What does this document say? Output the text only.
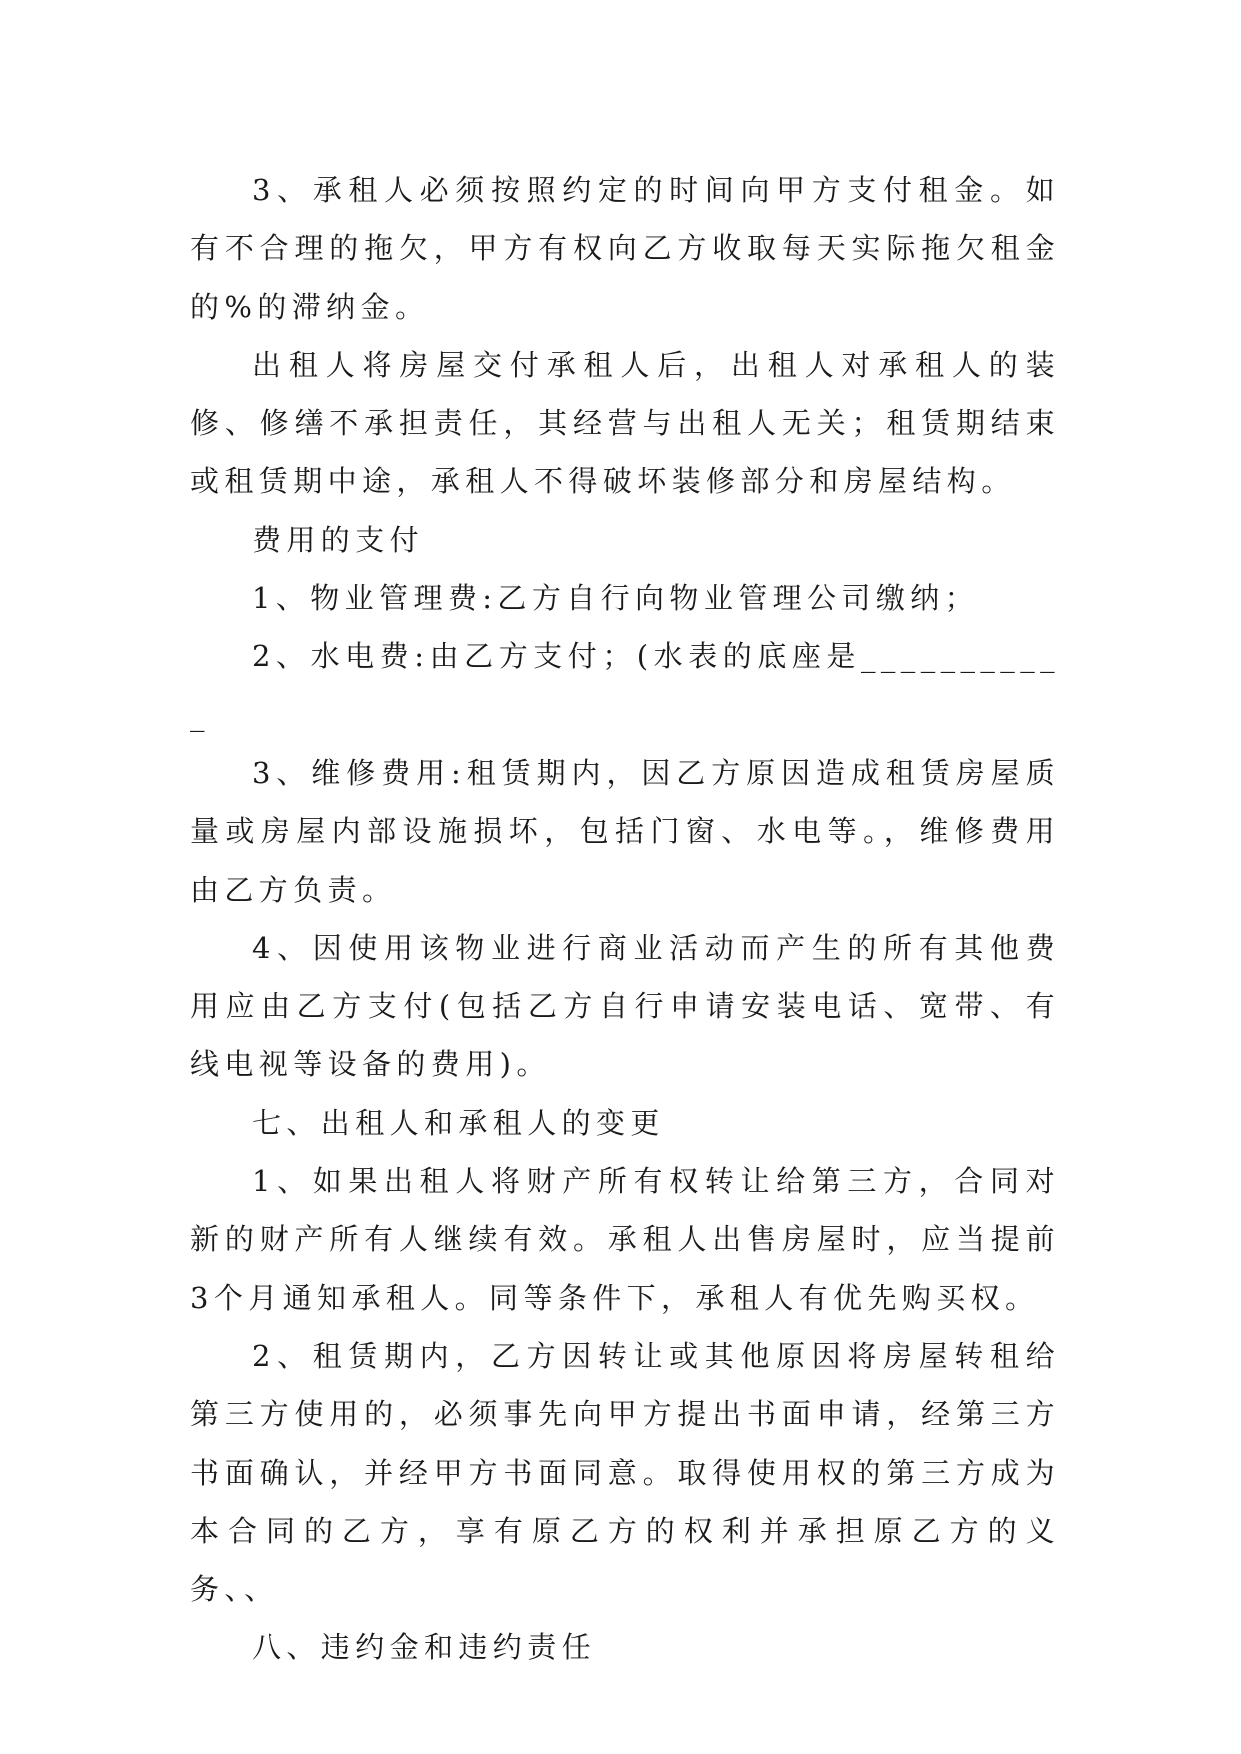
3、承租人必须按照约定的时间向甲方支付租金。如有不合理的拖欠，甲方有权向乙方收取每天实际拖欠租金的%的滞纳金。

出租人将房屋交付承租人后，出租人对承租人的装修、修缮不承担责任，其经营与出租人无关；租赁期结束或租赁期中途，承租人不得破坏装修部分和房屋结构。

费用的支付

1、物业管理费:乙方自行向物业管理公司缴纳；

2、水电费:由乙方支付；(水表的底座是___________

3、维修费用:租赁期内，因乙方原因造成租赁房屋质量或房屋内部设施损坏，包括门窗、水电等。，维修费用由乙方负责。

4、因使用该物业进行商业活动而产生的所有其他费用应由乙方支付(包括乙方自行申请安装电话、宽带、有线电视等设备的费用)。

七、出租人和承租人的变更

1、如果出租人将财产所有权转让给第三方，合同对新的财产所有人继续有效。承租人出售房屋时，应当提前3个月通知承租人。同等条件下，承租人有优先购买权。

2、租赁期内，乙方因转让或其他原因将房屋转租给第三方使用的，必须事先向甲方提出书面申请，经第三方书面确认，并经甲方书面同意。取得使用权的第三方成为本合同的乙方，享有原乙方的权利并承担原乙方的义务、、

八、违约金和违约责任
